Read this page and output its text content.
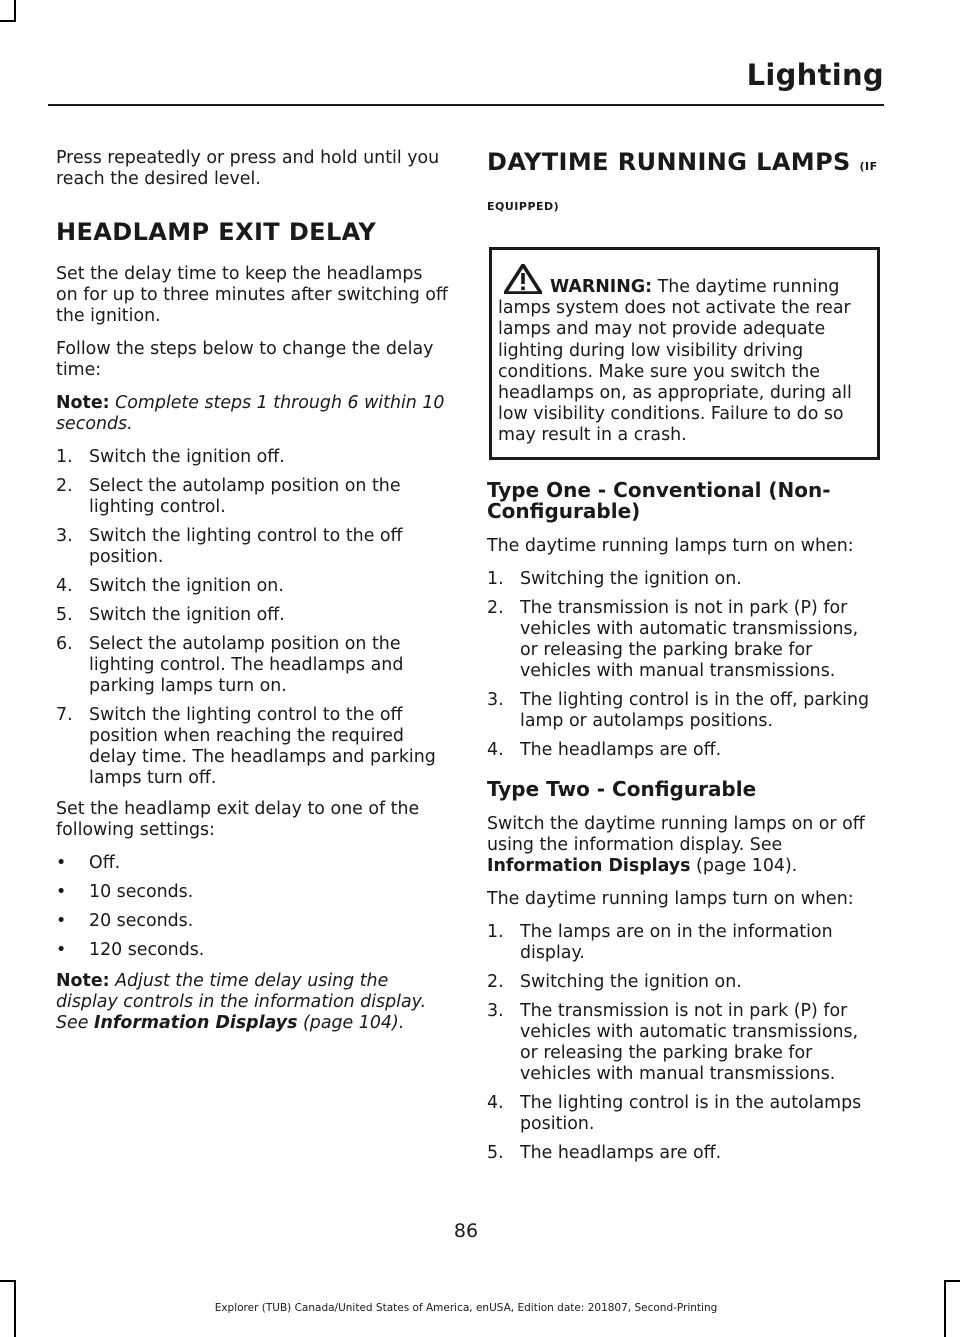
Lighting

Press repeatedly or press and hold until you reach the desired level.

HEADLAMP EXIT DELAY

Set the delay time to keep the headlamps on for up to three minutes after switching off the ignition.

Follow the steps below to change the delay time:

Note: Complete steps 1 through 6 within 10 seconds.

1. Switch the ignition off.
2. Select the autolamp position on the lighting control.
3. Switch the lighting control to the off position.
4. Switch the ignition on.
5. Switch the ignition off.
6. Select the autolamp position on the lighting control. The headlamps and parking lamps turn on.
7. Switch the lighting control to the off position when reaching the required delay time. The headlamps and parking lamps turn off.

Set the headlamp exit delay to one of the following settings:

• Off.
• 10 seconds.
• 20 seconds.
• 120 seconds.

Note: Adjust the time delay using the display controls in the information display. See Information Displays (page 104).

DAYTIME RUNNING LAMPS (IF
EQUIPPED)

WARNING: The daytime running lamps system does not activate the rear lamps and may not provide adequate lighting during low visibility driving conditions. Make sure you switch the headlamps on, as appropriate, during all low visibility conditions. Failure to do so may result in a crash.

Type One - Conventional (Non-Configurable)

The daytime running lamps turn on when:

1. Switching the ignition on.
2. The transmission is not in park (P) for vehicles with automatic transmissions, or releasing the parking brake for vehicles with manual transmissions.
3. The lighting control is in the off, parking lamp or autolamps positions.
4. The headlamps are off.
Type Two - Configurable

Switch the daytime running lamps on or off using the information display. See Information Displays (page 104).

The daytime running lamps turn on when:

1. The lamps are on in the information display.
2. Switching the ignition on.
3. The transmission is not in park (P) for vehicles with automatic transmissions, or releasing the parking brake for vehicles with manual transmissions.
4. The lighting control is in the autolamps position.
5. The headlamps are off.
86
Explorer (TUB) Canada/United States of America, enUSA, Edition date: 201807, Second-Printing
